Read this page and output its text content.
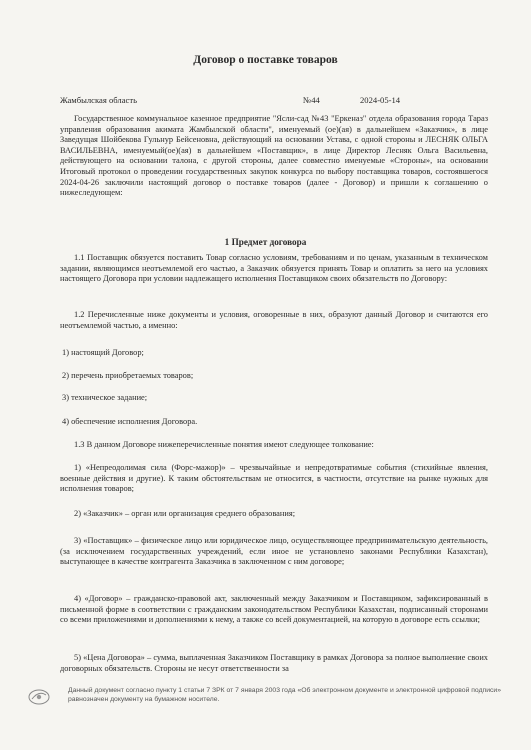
Договор о поставке товаров
Жамбылская область	№44	2024-05-14

Государственное коммунальное казенное предприятие "Ясли-сад №43 "Еркеназ" отдела образования города Тараз управления образования акимата Жамбылской области", именуемый (ое)(ая) в дальнейшем «Заказчик», в лице Заведущая Шойбекова Гульнур Бейсеновна, действующий на основании Устава, с одной стороны и ЛЕСНЯК ОЛЬГА ВАСИЛЬЕВНА, именуемый(ое)(ая) в дальнейшем «Поставщик», в лице Директор Лесняк Ольга Васильевна, действующего на основании талона, с другой стороны, далее совместно именуемые «Стороны», на основании Итоговый протокол о проведении государственных закупок конкурса по выбору поставщика товаров, состоявшегося 2024-04-26 заключили настоящий договор о поставке товаров (далее - Договор) и пришли к соглашению о нижеследующем:

1 Предмет договора

1.1 Поставщик обязуется поставить Товар согласно условиям, требованиям и по ценам, указанным в техническом задании, являющимся неотъемлемой его частью, а Заказчик обязуется принять Товар и оплатить за него на условиях настоящего Договора при условии надлежащего исполнения Поставщиком своих обязательств по Договору:

1.2 Перечисленные ниже документы и условия, оговоренные в них, образуют данный Договор и считаются его неотъемлемой частью, а именно:

1) настоящий Договор;

2) перечень приобретаемых товаров;

3) техническое задание;

4) обеспечение исполнения Договора.

1.3 В данном Договоре нижеперечисленные понятия имеют следующее толкование:

1) «Непреодолимая сила (Форс-мажор)» – чрезвычайные и непредотвратимые события (стихийные явления, военные действия и другие). К таким обстоятельствам не относится, в частности, отсутствие на рынке нужных для исполнения товаров;

2) «Заказчик» – орган или организация среднего образования;

3) «Поставщик» – физическое лицо или юридическое лицо, осуществляющее предпринимательскую деятельность, (за исключением государственных учреждений, если иное не установлено законами Республики Казахстан), выступающее в качестве контрагента Заказчика в заключенном с ним договоре;

4) «Договор» – гражданско-правовой акт, заключенный между Заказчиком и Поставщиком, зафиксированный в письменной форме в соответствии с гражданским законодательством Республики Казахстан, подписанный сторонами со всеми приложениями и дополнениями к нему, а также со всей документацией, на которую в договоре есть ссылки;

5) «Цена Договора» – сумма, выплаченная Заказчиком Поставщику в рамках Договора за полное выполнение своих договорных обязательств. Стороны не несут ответственности за

Данный документ согласно пункту 1 статьи 7 ЗРК от 7 января 2003 года «Об электронном документе и электронной цифровой подписи» равнозначен документу на бумажном носителе.
